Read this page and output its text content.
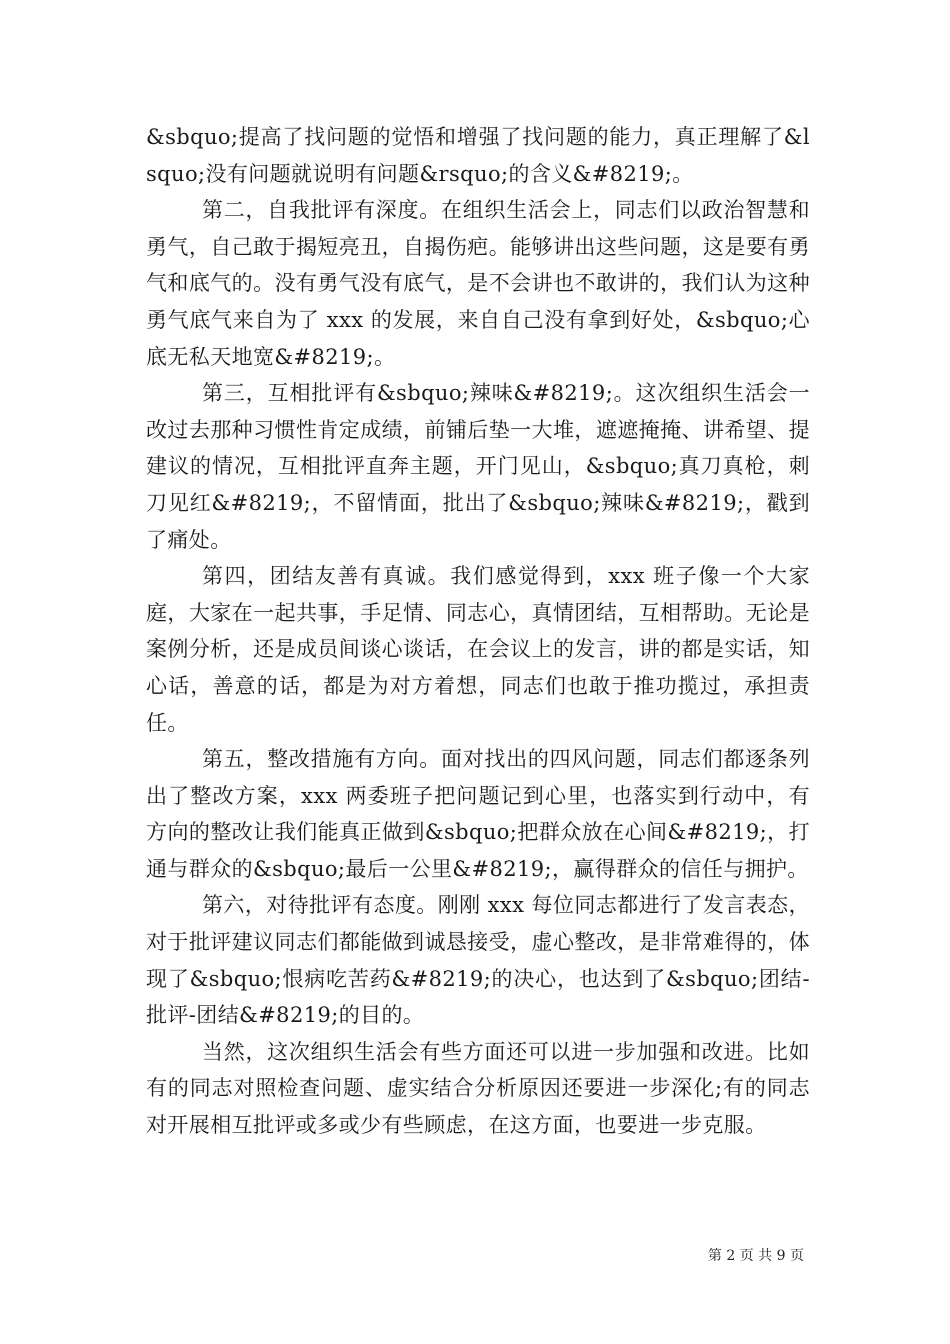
&sbquo;提高了找问题的觉悟和增强了找问题的能力，真正理解了&lsquo;没有问题就说明有问题&rsquo;的含义&#8219;。

第二，自我批评有深度。在组织生活会上，同志们以政治智慧和勇气，自己敢于揭短亮丑，自揭伤疤。能够讲出这些问题，这是要有勇气和底气的。没有勇气没有底气，是不会讲也不敢讲的，我们认为这种勇气底气来自为了 xxx 的发展，来自自己没有拿到好处，&sbquo;心底无私天地宽&#8219;。

第三，互相批评有&sbquo;辣味&#8219;。这次组织生活会一改过去那种习惯性肯定成绩，前铺后垫一大堆，遮遮掩掩、讲希望、提建议的情况，互相批评直奔主题，开门见山，&sbquo;真刀真枪，刺刀见红&#8219;，不留情面，批出了&sbquo;辣味&#8219;，戳到了痛处。

第四，团结友善有真诚。我们感觉得到，xxx 班子像一个大家庭，大家在一起共事，手足情、同志心，真情团结，互相帮助。无论是案例分析，还是成员间谈心谈话，在会议上的发言，讲的都是实话，知心话，善意的话，都是为对方着想，同志们也敢于推功揽过，承担责任。

第五，整改措施有方向。面对找出的四风问题，同志们都逐条列出了整改方案，xxx 两委班子把问题记到心里，也落实到行动中，有方向的整改让我们能真正做到&sbquo;把群众放在心间&#8219;，打通与群众的&sbquo;最后一公里&#8219;，赢得群众的信任与拥护。

第六，对待批评有态度。刚刚 xxx 每位同志都进行了发言表态，对于批评建议同志们都能做到诚恳接受，虚心整改，是非常难得的，体现了&sbquo;恨病吃苦药&#8219;的决心，也达到了&sbquo;团结-批评-团结&#8219;的目的。

当然，这次组织生活会有些方面还可以进一步加强和改进。比如有的同志对照检查问题、虚实结合分析原因还要进一步深化;有的同志对开展相互批评或多或少有些顾虑，在这方面，也要进一步克服。

第 2 页 共 9 页
